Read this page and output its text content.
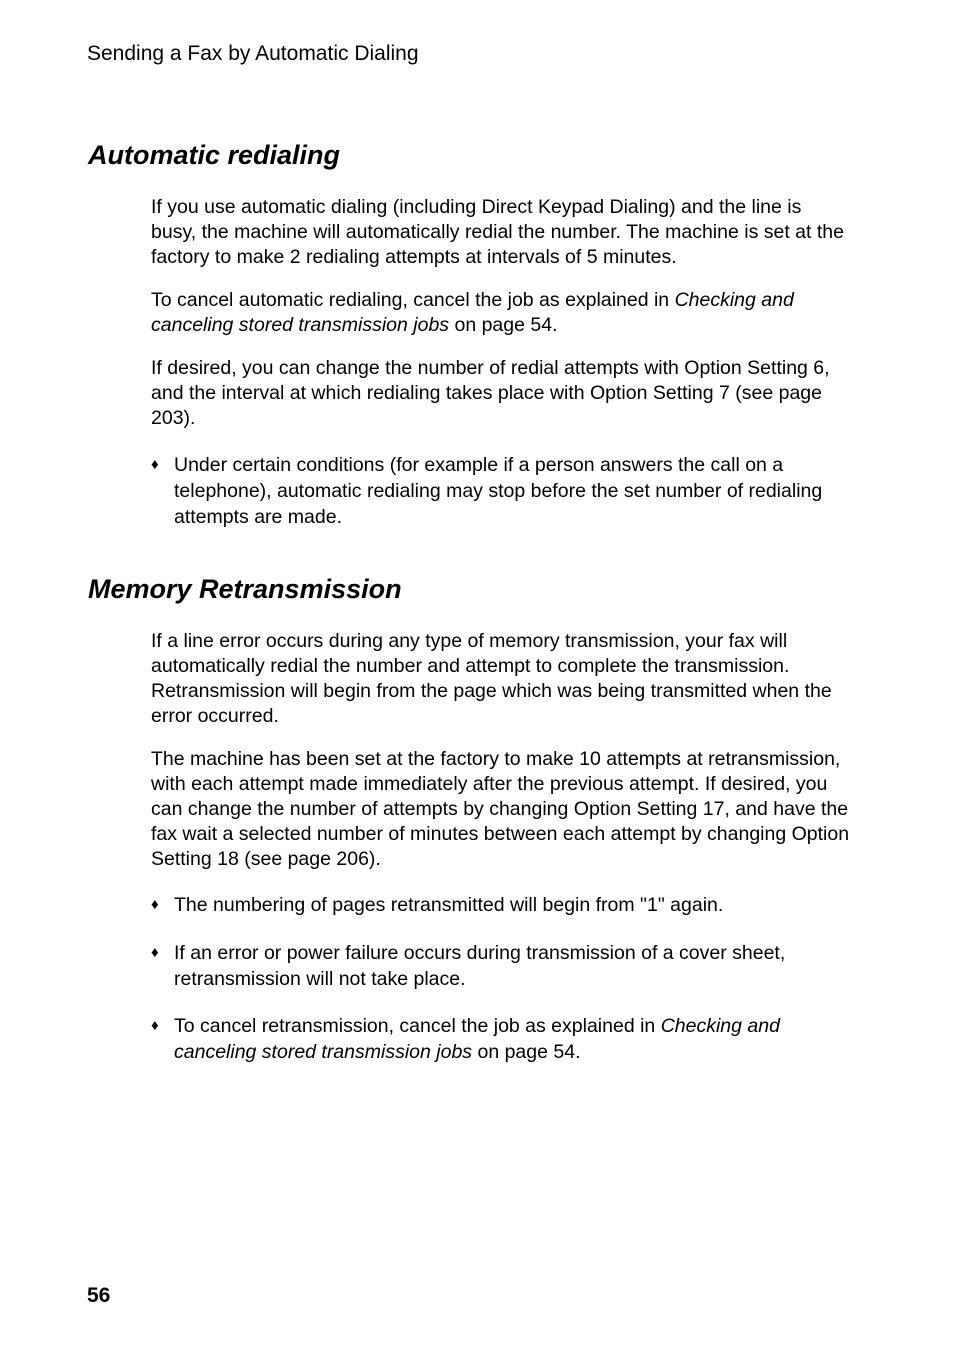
Sending a Fax by Automatic Dialing
Automatic redialing

If you use automatic dialing (including Direct Keypad Dialing) and the line is busy, the machine will automatically redial the number. The machine is set at the factory to make 2 redialing attempts at intervals of 5 minutes.

To cancel automatic redialing, cancel the job as explained in Checking and canceling stored transmission jobs on page 54.

If desired, you can change the number of redial attempts with Option Setting 6, and the interval at which redialing takes place with Option Setting 7 (see page 203).

♦ Under certain conditions (for example if a person answers the call on a telephone), automatic redialing may stop before the set number of redialing attempts are made.
Memory Retransmission

If a line error occurs during any type of memory transmission, your fax will automatically redial the number and attempt to complete the transmission. Retransmission will begin from the page which was being transmitted when the error occurred.

The machine has been set at the factory to make 10 attempts at retransmission, with each attempt made immediately after the previous attempt. If desired, you can change the number of attempts by changing Option Setting 17, and have the fax wait a selected number of minutes between each attempt by changing Option Setting 18 (see page 206).

♦ The numbering of pages retransmitted will begin from "1" again.
♦ If an error or power failure occurs during transmission of a cover sheet, retransmission will not take place.
♦ To cancel retransmission, cancel the job as explained in Checking and canceling stored transmission jobs on page 54.
56
